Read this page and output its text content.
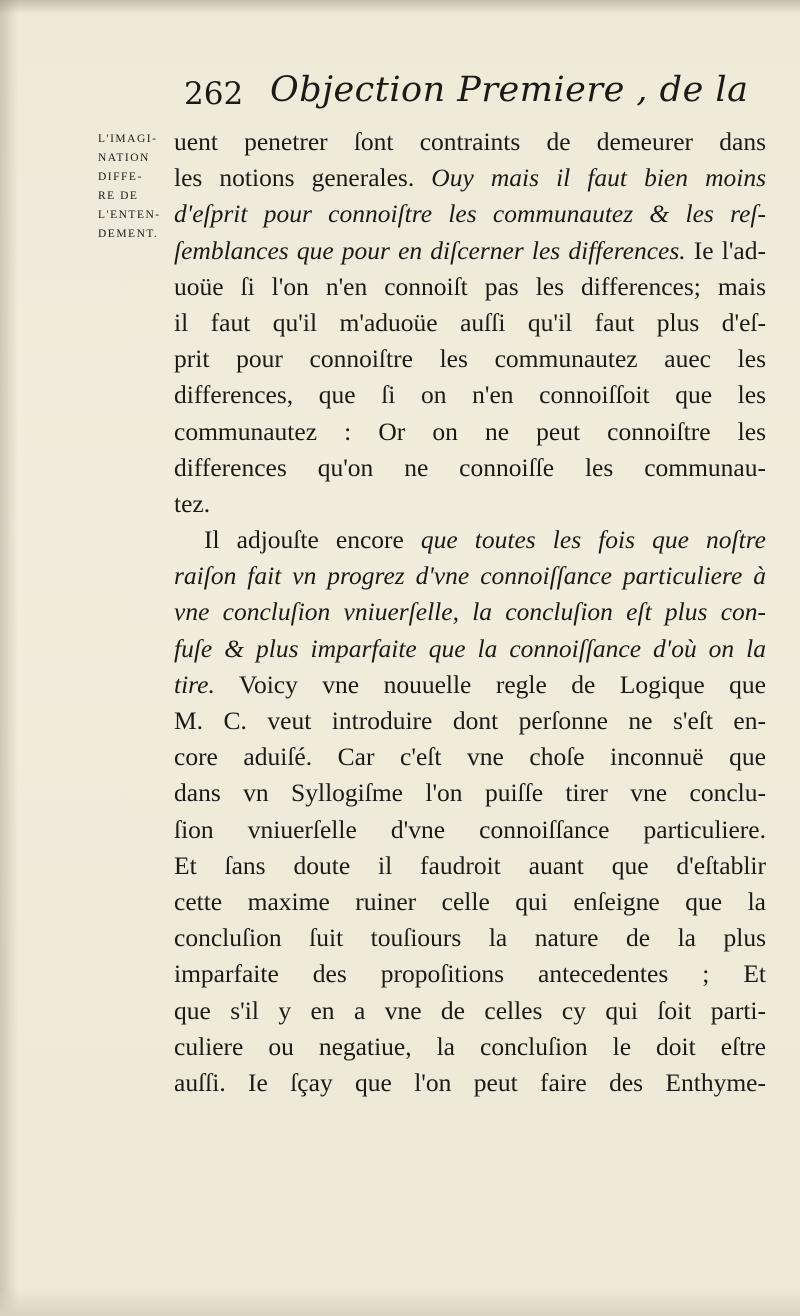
262 Objection Premiere , de la
L'IMAGI-
NATION
DIFFE-
RE DE
L'ENTEN-
DEMENT.
uent penetrer ſont contraints de demeurer dans
les notions generales. Ouy mais il faut bien moins
d'eſprit pour connoiſtre les communautez & les reſ-
ſemblances que pour en diſcerner les differences. Ie l'ad-
uoüe ſi l'on n'en connoiſt pas les differences; mais
il faut qu'il m'aduoüe auſſi qu'il faut plus d'eſ-
prit pour connoiſtre les communautez auec les
differences, que ſi on n'en connoiſſoit que les
communautez : Or on ne peut connoiſtre les
differences qu'on ne connoiſſe les communau-
tez.
Il adjouſte encore que toutes les fois que noſtre
raiſon fait vn progrez d'vne connoiſſance particuliere à
vne concluſion vniuerſelle, la concluſion eſt plus con-
fuſe & plus imparfaite que la connoiſſance d'où on la
tire. Voicy vne nouuelle regle de Logique que
M. C. veut introduire dont perſonne ne s'eſt en-
core aduiſé. Car c'eſt vne choſe inconnuë que
dans vn Syllogiſme l'on puiſſe tirer vne conclu-
ſion vniuerſelle d'vne connoiſſance particuliere.
Et ſans doute il faudroit auant que d'eſtablir
cette maxime ruiner celle qui enſeigne que la
concluſion ſuit touſiours la nature de la plus
imparfaite des propoſitions antecedentes ; Et
que s'il y en a vne de celles cy qui ſoit parti-
culiere ou negatiue, la concluſion le doit eſtre
auſſi. Ie ſçay que l'on peut faire des Enthyme-
